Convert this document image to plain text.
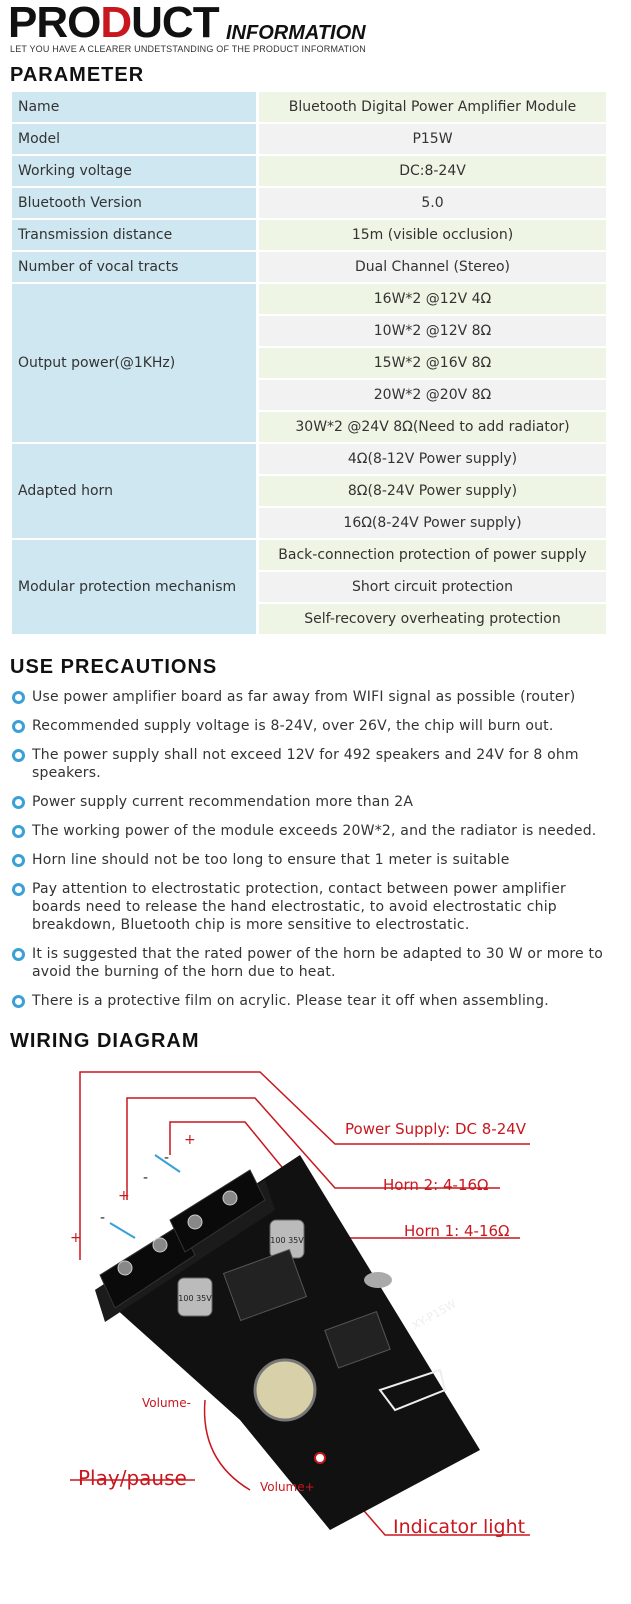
PRODUCT INFORMATION
LET YOU HAVE A CLEARER UNDETSTANDING OF THE PRODUCT INFORMATION
PARAMETER
Name	Bluetooth Digital Power Amplifier Module
Model	P15W
Working voltage	DC:8-24V
Bluetooth Version	5.0
Transmission distance	15m (visible occlusion)
Number of vocal tracts	Dual Channel (Stereo)
Output power(@1KHz)	16W*2 @12V 4Ω
	10W*2 @12V 8Ω
	15W*2 @16V 8Ω
	20W*2 @20V 8Ω
	30W*2 @24V 8Ω(Need to add radiator)
Adapted horn	4Ω(8-12V Power supply)
	8Ω(8-24V Power supply)
	16Ω(8-24V Power supply)
Modular protection mechanism	Back-connection protection of power supply
	Short circuit protection
	Self-recovery overheating protection
USE PRECAUTIONS
Use power amplifier board as far away from WIFI signal as possible (router)
Recommended supply voltage is 8-24V, over 26V, the chip will burn out.
The power supply shall not exceed 12V for 492 speakers and 24V for 8 ohm speakers.
Power supply current recommendation more than 2A
The working power of the module exceeds 20W*2, and the radiator is needed.
Horn line should not be too long to ensure that 1 meter is suitable
Pay attention to electrostatic protection, contact between power amplifier boards need to release the hand electrostatic, to avoid electrostatic chip breakdown, Bluetooth chip is more sensitive to electrostatic.
It is suggested that the rated power of the horn be adapted to 30 W or more to avoid the burning of the horn due to heat.
There is a protective film on acrylic. Please tear it off when assembling.
WIRING DIAGRAM
100 35V
100 35V	XY-P15W
+
-
+
-
-
+
Power Supply: DC 8-24V
Horn 2: 4-16Ω
Horn 1: 4-16Ω
Volume-
Volume+
Play/pause
Indicator light
